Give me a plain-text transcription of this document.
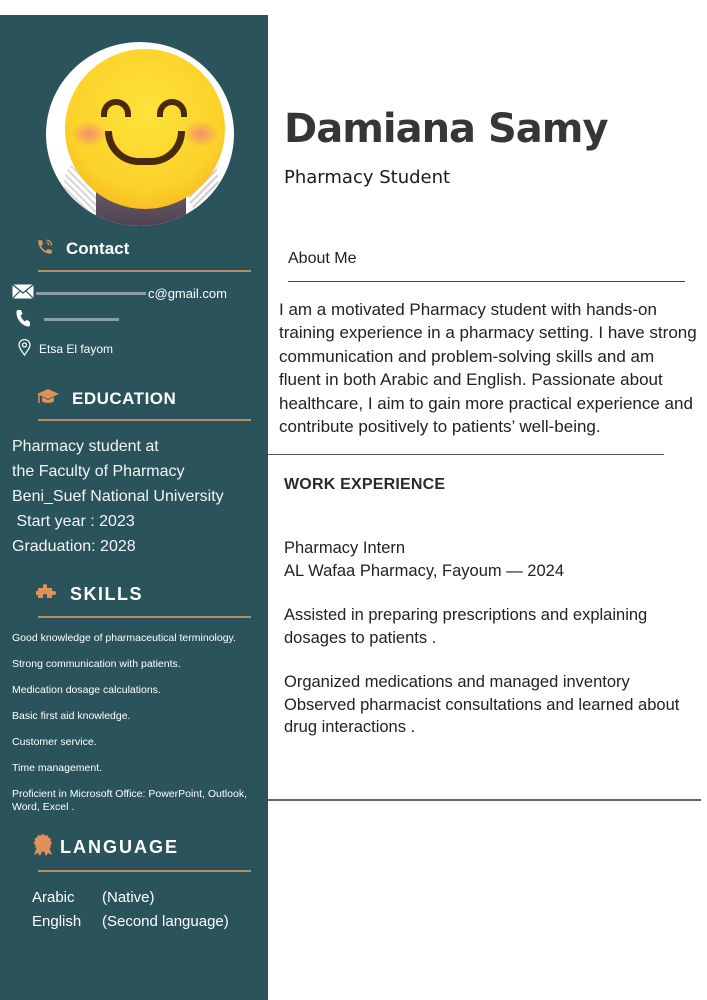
Contact
c@gmail.com
Etsa El fayom
EDUCATION
Pharmacy student at
the Faculty of Pharmacy
Beni_Suef National University
Start year : 2023
Graduation: 2028
SKILLS
Good knowledge of pharmaceutical terminology.
Strong communication with patients.
Medication dosage calculations.
Basic first aid knowledge.
Customer service.
Time management.
Proficient in Microsoft Office: PowerPoint, Outlook, Word, Excel .
LANGUAGE
Arabic	(Native)
English	(Second language)
Damiana Samy
Pharmacy Student
About Me
I am a motivated Pharmacy student with hands-on training experience in a pharmacy setting. I have strong communication and problem-solving skills and am fluent in both Arabic and English. Passionate about healthcare, I aim to gain more practical experience and contribute positively to patients’ well-being.
WORK EXPERIENCE
Pharmacy Intern
AL Wafaa Pharmacy, Fayoum — 2024
Assisted in preparing prescriptions and explaining dosages to patients .
Organized medications and managed inventory
Observed pharmacist consultations and learned about drug interactions .
